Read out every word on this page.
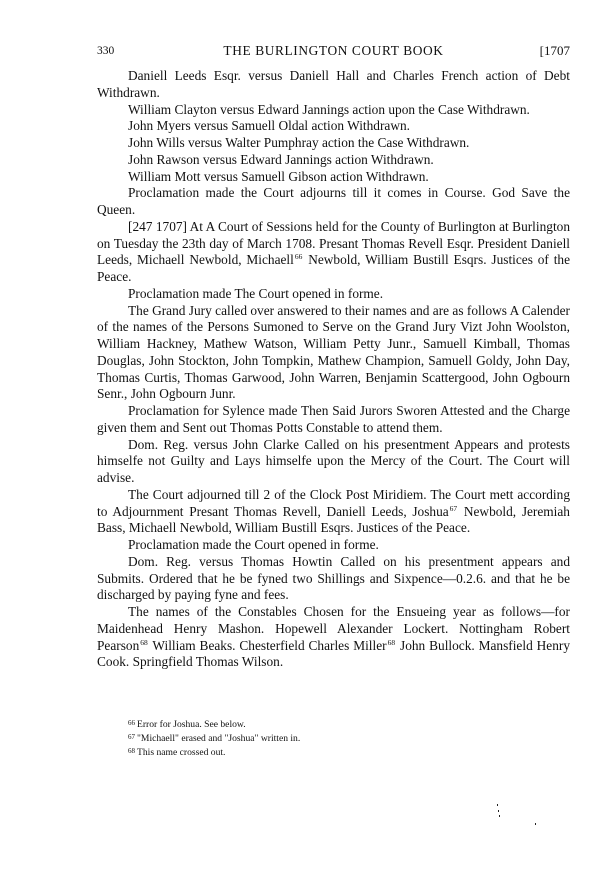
330	THE BURLINGTON COURT BOOK	[1707

Daniell Leeds Esqr. versus Daniell Hall and Charles French action of Debt Withdrawn.

William Clayton versus Edward Jannings action upon the Case Withdrawn.

John Myers versus Samuell Oldal action Withdrawn.

John Wills versus Walter Pumphray action the Case Withdrawn.

John Rawson versus Edward Jannings action Withdrawn.

William Mott versus Samuell Gibson action Withdrawn.

Proclamation made the Court adjourns till it comes in Course. God Save the Queen.

[247 1707] At A Court of Sessions held for the County of Burlington at Burlington on Tuesday the 23th day of March 1708. Presant Thomas Revell Esqr. President Daniell Leeds, Michaell Newbold, Michaell$^{66}$ Newbold, William Bustill Esqrs. Justices of the Peace.

Proclamation made The Court opened in forme.

The Grand Jury called over answered to their names and are as follows A Calender of the names of the Persons Sumoned to Serve on the Grand Jury Vizt John Woolston, William Hackney, Mathew Watson, William Petty Junr., Samuell Kimball, Thomas Douglas, John Stockton, John Tompkin, Mathew Champion, Samuell Goldy, John Day, Thomas Curtis, Thomas Garwood, John Warren, Benjamin Scattergood, John Ogbourn Senr., John Ogbourn Junr.

Proclamation for Sylence made Then Said Jurors Sworen Attested and the Charge given them and Sent out Thomas Potts Constable to attend them.

Dom. Reg. versus John Clarke Called on his presentment Appears and protests himselfe not Guilty and Lays himselfe upon the Mercy of the Court. The Court will advise.

The Court adjourned till 2 of the Clock Post Miridiem. The Court mett according to Adjournment Presant Thomas Revell, Daniell Leeds, Joshua$^{67}$ Newbold, Jeremiah Bass, Michaell Newbold, William Bustill Esqrs. Justices of the Peace.

Proclamation made the Court opened in forme.

Dom. Reg. versus Thomas Howtin Called on his presentment appears and Submits. Ordered that he be fyned two Shillings and Sixpence—0.2.6. and that he be discharged by paying fyne and fees.

The names of the Constables Chosen for the Ensueing year as follows—for Maidenhead Henry Mashon. Hopewell Alexander Lockert. Nottingham Robert Pearson$^{68}$ William Beaks. Chesterfield Charles Miller$^{68}$ John Bullock. Mansfield Henry Cook. Springfield Thomas Wilson.

$^{66}$ Error for Joshua. See below.

$^{67}$ "Michaell" erased and "Joshua" written in.

$^{68}$ This name crossed out.
